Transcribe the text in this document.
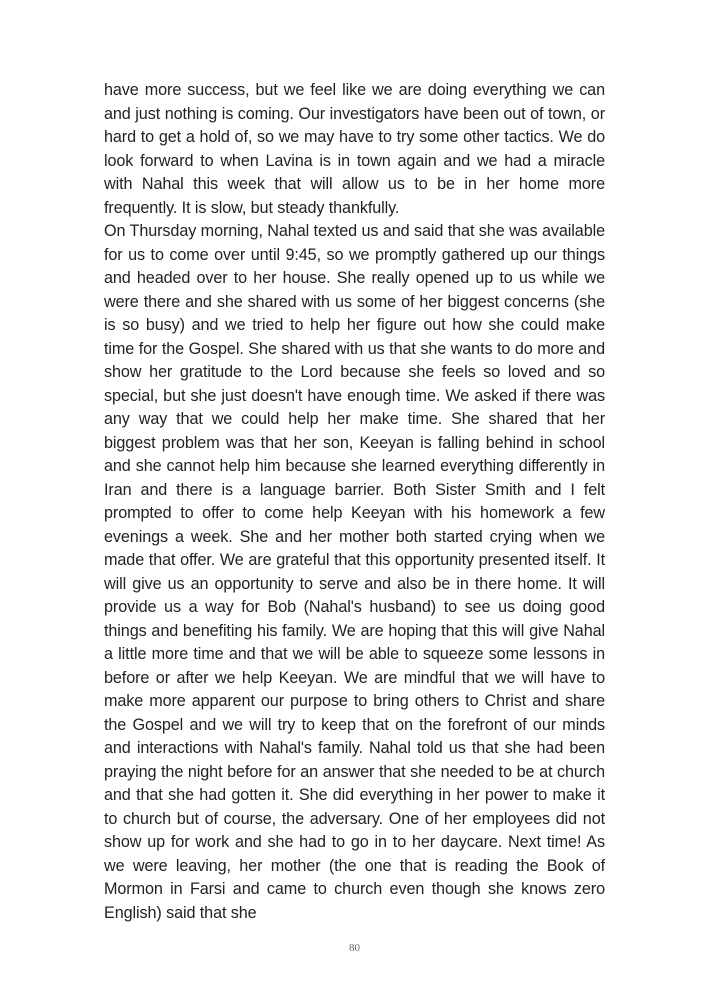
have more success, but we feel like we are doing everything we can and just nothing is coming. Our investigators have been out of town, or hard to get a hold of, so we may have to try some other tactics. We do look forward to when Lavina is in town again and we had a miracle with Nahal this week that will allow us to be in her home more frequently. It is slow, but steady thankfully.

On Thursday morning, Nahal texted us and said that she was available for us to come over until 9:45, so we promptly gathered up our things and headed over to her house. She really opened up to us while we were there and she shared with us some of her biggest concerns (she is so busy) and we tried to help her figure out how she could make time for the Gospel. She shared with us that she wants to do more and show her gratitude to the Lord because she feels so loved and so special, but she just doesn't have enough time. We asked if there was any way that we could help her make time. She shared that her biggest problem was that her son, Keeyan is falling behind in school and she cannot help him because she learned everything differently in Iran and there is a language barrier. Both Sister Smith and I felt prompted to offer to come help Keeyan with his homework a few evenings a week. She and her mother both started crying when we made that offer. We are grateful that this opportunity presented itself. It will give us an opportunity to serve and also be in there home. It will provide us a way for Bob (Nahal's husband) to see us doing good things and benefiting his family. We are hoping that this will give Nahal a little more time and that we will be able to squeeze some lessons in before or after we help Keeyan. We are mindful that we will have to make more apparent our purpose to bring others to Christ and share the Gospel and we will try to keep that on the forefront of our minds and interactions with Nahal's family. Nahal told us that she had been praying the night before for an answer that she needed to be at church and that she had gotten it. She did everything in her power to make it to church but of course, the adversary. One of her employees did not show up for work and she had to go in to her daycare. Next time! As we were leaving, her mother (the one that is reading the Book of Mormon in Farsi and came to church even though she knows zero English) said that she

80
